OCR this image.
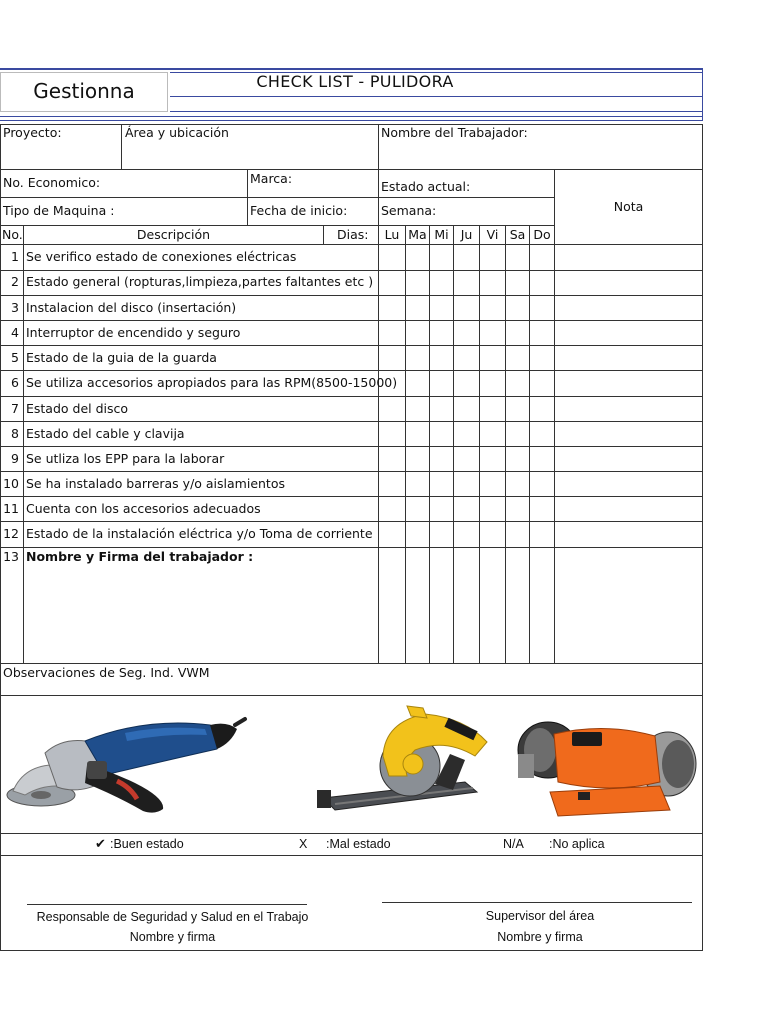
Gestionna	CHECK LIST - PULIDORA
Proyecto:	Área y ubicación	Nombre del Trabajador:
No. Economico:	Marca:
Estado actual:
Nota
Tipo de Maquina :	Fecha de inicio:	Semana:
No.	Descripción	Dias:	Lu Ma Mi Ju	Vi Sa Do
1 Se verifico estado de conexiones eléctricas
2 Estado general (ropturas,limpieza,partes faltantes etc )
3 Instalacion del disco (insertación)
4 Interruptor de encendido y seguro
5 Estado de la guia de la guarda
6 Se utiliza accesorios apropiados para las RPM(8500-15000)
7 Estado del disco
8 Estado del cable y clavija
9 Se utliza los EPP para la laborar
10 Se ha instalado barreras y/o aislamientos
11 Cuenta con los accesorios adecuados
12 Estado de la instalación eléctrica y/o Toma de corriente
13 Nombre y Firma del trabajador :
Observaciones de Seg. Ind. VWM
✔ :Buen estado	X :Mal estado	N/A :No aplica
Responsable de Seguridad y Salud en el Trabajo
Nombre y firma
Supervisor del área
Nombre y firma
